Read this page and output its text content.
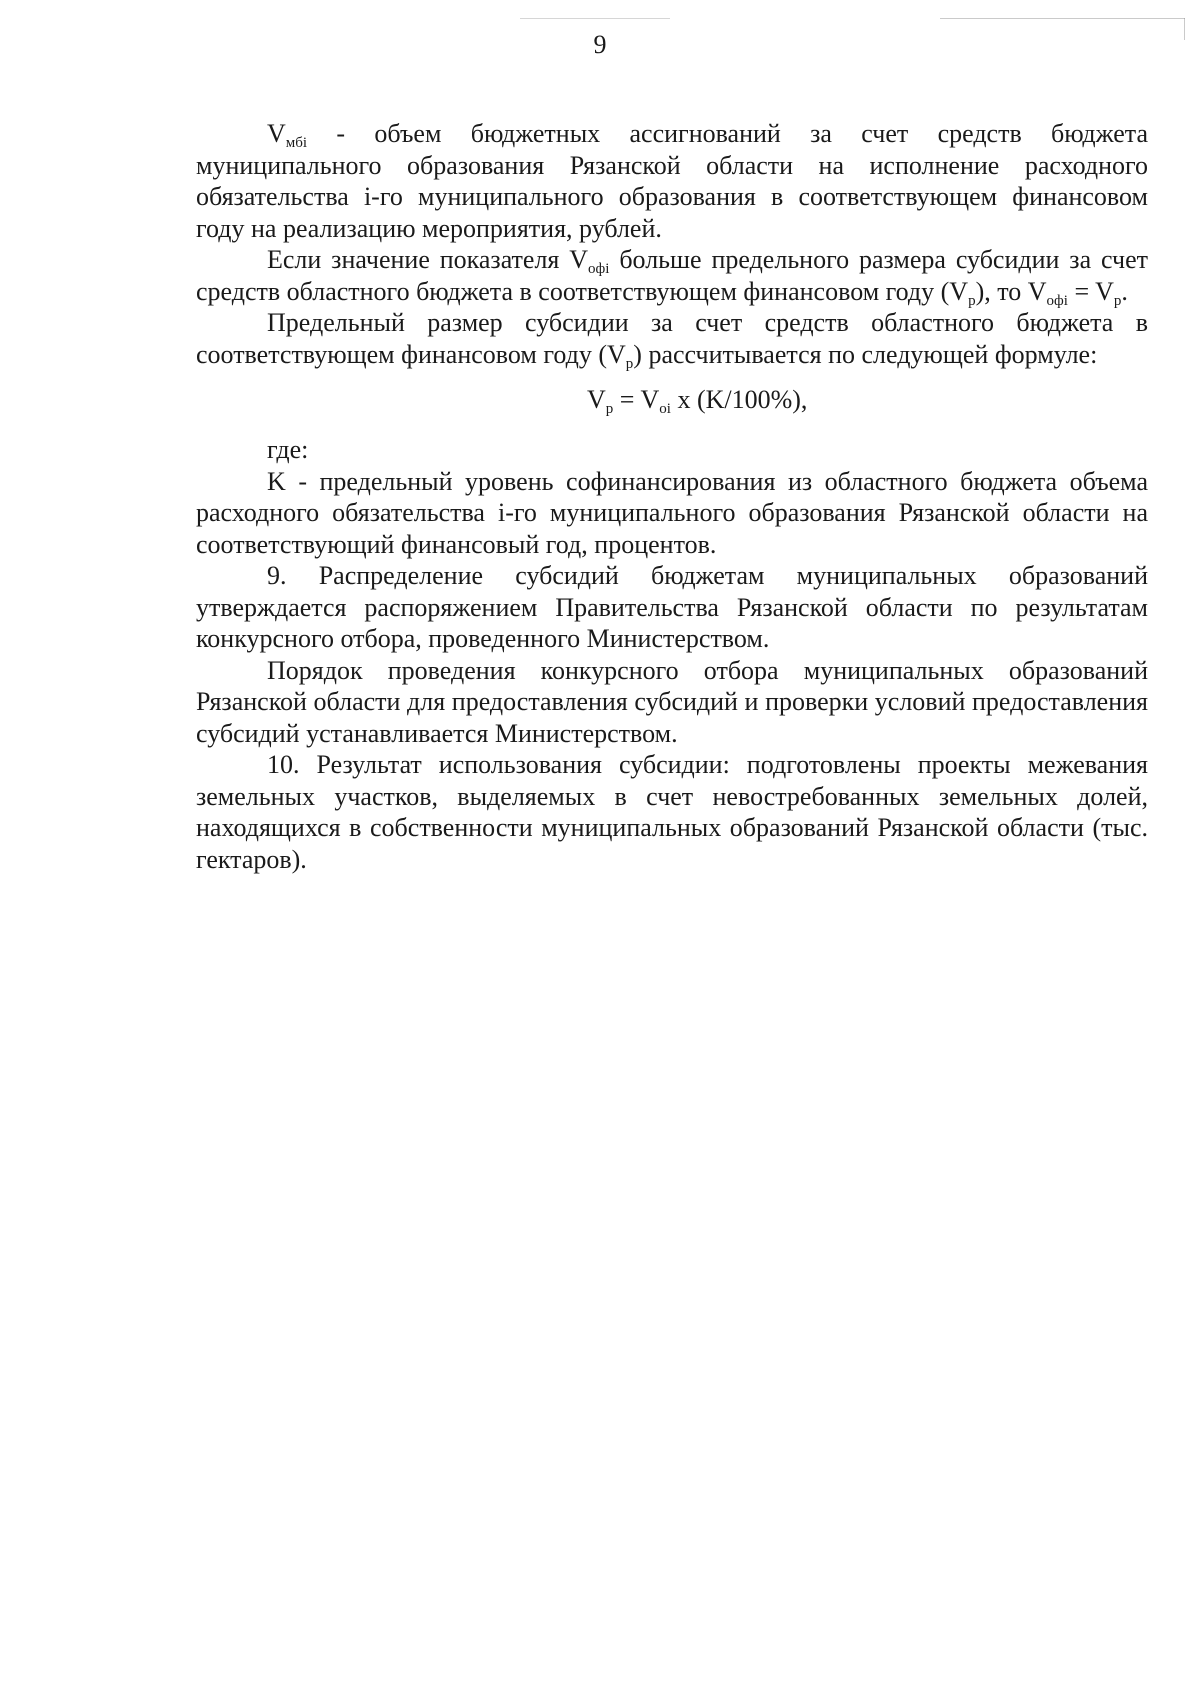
9

$V_{мбi}$ - объем бюджетных ассигнований за счет средств бюджета муниципального образования Рязанской области на исполнение расходного обязательства i-го муниципального образования в соответствующем финансовом году на реализацию мероприятия, рублей.

Если значение показателя $V_{офi}$ больше предельного размера субсидии за счет средств областного бюджета в соответствующем финансовом году $(V_p)$, то $V_{офi} = V_p$.

Предельный размер субсидии за счет средств областного бюджета в соответствующем финансовом году $(V_p)$ рассчитывается по следующей формуле:

$V_p = V_{oi}$ x (K/100%),

где:

K - предельный уровень софинансирования из областного бюджета объема расходного обязательства i-го муниципального образования Рязанской области на соответствующий финансовый год, процентов.

9. Распределение субсидий бюджетам муниципальных образований утверждается распоряжением Правительства Рязанской области по результатам конкурсного отбора, проведенного Министерством.

Порядок проведения конкурсного отбора муниципальных образований Рязанской области для предоставления субсидий и проверки условий предоставления субсидий устанавливается Министерством.

10. Результат использования субсидии: подготовлены проекты межевания земельных участков, выделяемых в счет невостребованных земельных долей, находящихся в собственности муниципальных образований Рязанской области (тыс. гектаров).
